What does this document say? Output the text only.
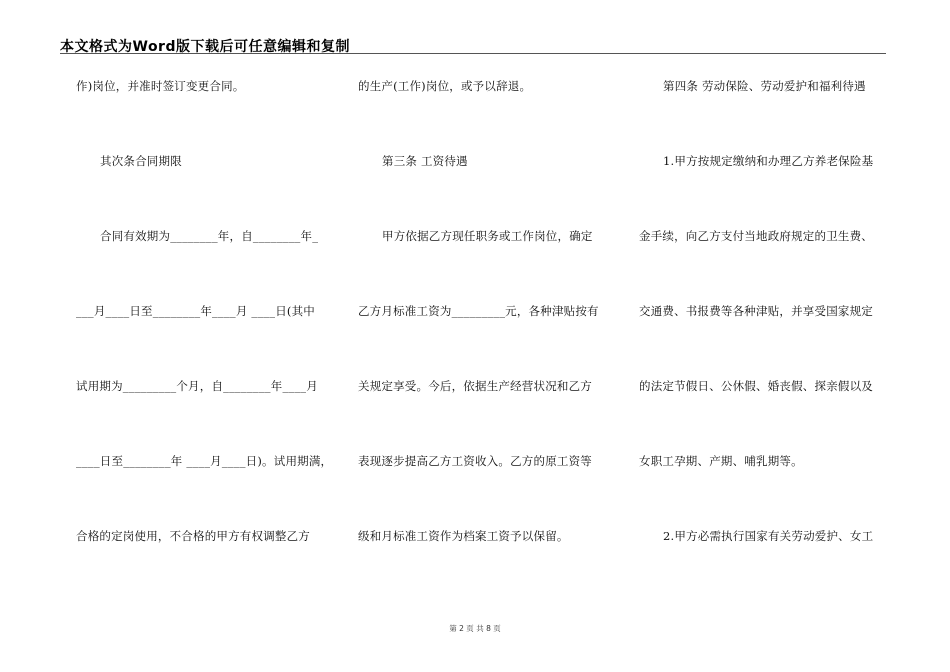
本文格式为Word版下载后可任意编辑和复制
作)岗位，并准时签订变更合同。
其次条合同期限
合同有效期为________年，自________年_
___月____日至________年____月 ____日(其中
试用期为_________个月，自________年____月
____日至________年 ____月____日)。试用期满，
合格的定岗使用，不合格的甲方有权调整乙方
的生产(工作)岗位，或予以辞退。
第三条 工资待遇
甲方依据乙方现任职务或工作岗位，确定
乙方月标准工资为_________元，各种津贴按有
关规定享受。今后，依据生产经营状况和乙方
表现逐步提高乙方工资收入。乙方的原工资等
级和月标准工资作为档案工资予以保留。
第四条 劳动保险、劳动爱护和福利待遇
1.甲方按规定缴纳和办理乙方养老保险基
金手续，向乙方支付当地政府规定的卫生费、
交通费、书报费等各种津贴，并享受国家规定
的法定节假日、公休假、婚丧假、探亲假以及
女职工孕期、产期、哺乳期等。
2.甲方必需执行国家有关劳动爱护、女工
第 2 页 共 8 页
